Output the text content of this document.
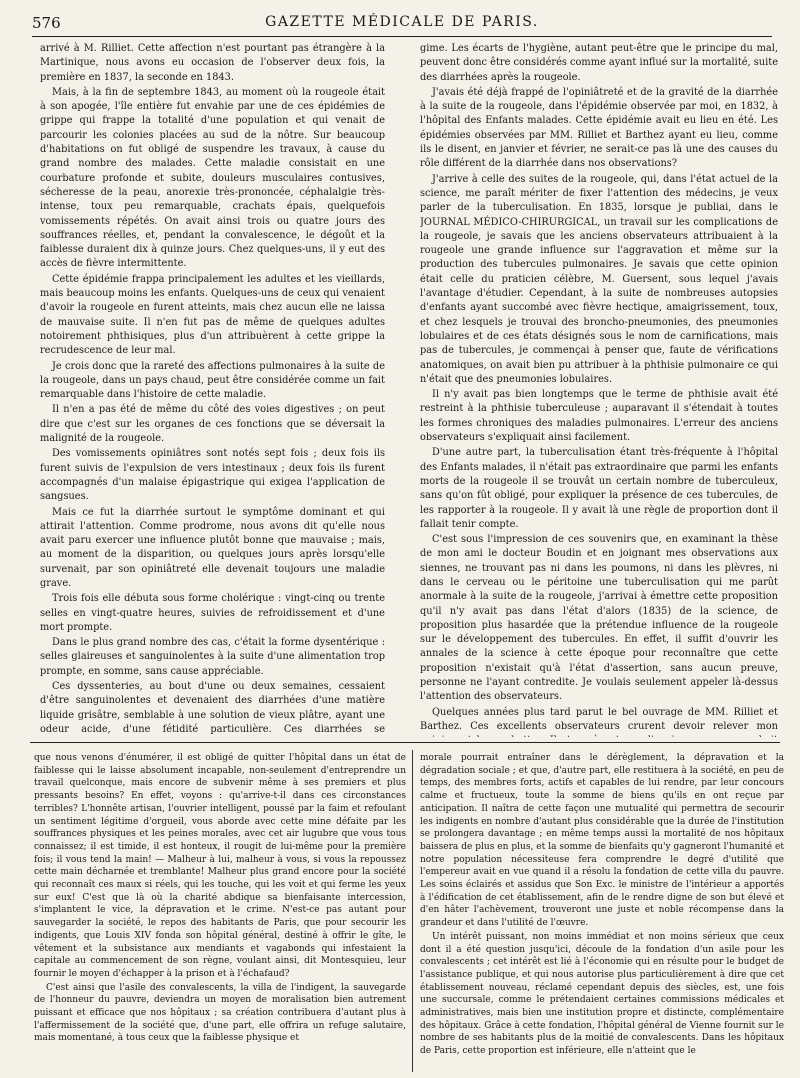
576	GAZETTE MÉDICALE DE PARIS.

arrivé à M. Rilliet. Cette affection n'est pourtant pas étrangère à la Martinique, nous avons eu occasion de l'observer deux fois, la première en 1837, la seconde en 1843.

Mais, à la fin de septembre 1843, au moment où la rougeole était à son apogée, l'île entière fut envahie par une de ces épidémies de grippe qui frappe la totalité d'une population et qui venait de parcourir les colonies placées au sud de la nôtre. Sur beaucoup d'habitations on fut obligé de suspendre les travaux, à cause du grand nombre des malades. Cette maladie consistait en une courbature profonde et subite, douleurs musculaires contusives, sécheresse de la peau, anorexie très-prononcée, céphalalgie très-intense, toux peu remarquable, crachats épais, quelquefois vomissements répétés. On avait ainsi trois ou quatre jours des souffrances réelles, et, pendant la convalescence, le dégoût et la faiblesse duraient dix à quinze jours. Chez quelques-uns, il y eut des accès de fièvre intermittente.

Cette épidémie frappa principalement les adultes et les vieillards, mais beaucoup moins les enfants. Quelques-uns de ceux qui venaient d'avoir la rougeole en furent atteints, mais chez aucun elle ne laissa de mauvaise suite. Il n'en fut pas de même de quelques adultes notoirement phthisiques, plus d'un attribuèrent à cette grippe la recrudescence de leur mal.

Je crois donc que la rareté des affections pulmonaires à la suite de la rougeole, dans un pays chaud, peut être considérée comme un fait remarquable dans l'histoire de cette maladie.

Il n'en a pas été de même du côté des voies digestives ; on peut dire que c'est sur les organes de ces fonctions que se déversait la malignité de la rougeole.

Des vomissements opiniâtres sont notés sept fois ; deux fois ils furent suivis de l'expulsion de vers intestinaux ; deux fois ils furent accompagnés d'un malaise épigastrique qui exigea l'application de sangsues.

Mais ce fut la diarrhée surtout le symptôme dominant et qui attirait l'attention. Comme prodrome, nous avons dit qu'elle nous avait paru exercer une influence plutôt bonne que mauvaise ; mais, au moment de la disparition, ou quelques jours après lorsqu'elle survenait, par son opiniâtreté elle devenait toujours une maladie grave.

Trois fois elle débuta sous forme cholérique : vingt-cinq ou trente selles en vingt-quatre heures, suivies de refroidissement et d'une mort prompte.

Dans le plus grand nombre des cas, c'était la forme dysentérique : selles glaireuses et sanguinolentes à la suite d'une alimentation trop prompte, en somme, sans cause appréciable.

Ces dyssenteries, au bout d'une ou deux semaines, cessaient d'être sanguinolentes et devenaient des diarrhées d'une matière liquide grisâtre, semblable à une solution de vieux plâtre, ayant une odeur acide, d'une fétidité particulière. Ces diarrhées se

gime. Les écarts de l'hygiène, autant peut-être que le principe du mal, peuvent donc être considérés comme ayant influé sur la mortalité, suite des diarrhées après la rougeole.

J'avais été déjà frappé de l'opiniâtreté et de la gravité de la diarrhée à la suite de la rougeole, dans l'épidémie observée par moi, en 1832, à l'hôpital des Enfants malades. Cette épidémie avait eu lieu en été. Les épidémies observées par MM. Rilliet et Barthez ayant eu lieu, comme ils le disent, en janvier et février, ne serait-ce pas là une des causes du rôle différent de la diarrhée dans nos observations?

J'arrive à celle des suites de la rougeole, qui, dans l'état actuel de la science, me paraît mériter de fixer l'attention des médecins, je veux parler de la tuberculisation. En 1835, lorsque je publiai, dans le JOURNAL MÉDICO-CHIRURGICAL, un travail sur les complications de la rougeole, je savais que les anciens observateurs attribuaient à la rougeole une grande influence sur l'aggravation et même sur la production des tubercules pulmonaires. Je savais que cette opinion était celle du praticien célèbre, M. Guersent, sous lequel j'avais l'avantage d'étudier. Cependant, à la suite de nombreuses autopsies d'enfants ayant succombé avec fièvre hectique, amaigrissement, toux, et chez lesquels je trouvai des broncho-pneumonies, des pneumonies lobulaires et de ces états désignés sous le nom de carnifications, mais pas de tubercules, je commençai à penser que, faute de vérifications anatomiques, on avait bien pu attribuer à la phthisie pulmonaire ce qui n'était que des pneumonies lobulaires.

Il n'y avait pas bien longtemps que le terme de phthisie avait été restreint à la phthisie tuberculeuse ; auparavant il s'étendait à toutes les formes chroniques des maladies pulmonaires. L'erreur des anciens observateurs s'expliquait ainsi facilement.

D'une autre part, la tuberculisation étant très-fréquente à l'hôpital des Enfants malades, il n'était pas extraordinaire que parmi les enfants morts de la rougeole il se trouvât un certain nombre de tuberculeux, sans qu'on fût obligé, pour expliquer la présence de ces tubercules, de les rapporter à la rougeole. Il y avait là une règle de proportion dont il fallait tenir compte.

C'est sous l'impression de ces souvenirs que, en examinant la thèse de mon ami le docteur Boudin et en joignant mes observations aux siennes, ne trouvant pas ni dans les poumons, ni dans les plèvres, ni dans le cerveau ou le péritoine une tuberculisation qui me parût anormale à la suite de la rougeole, j'arrivai à émettre cette proposition qu'il n'y avait pas dans l'état d'alors (1835) de la science, de proposition plus hasardée que la prétendue influence de la rougeole sur le développement des tubercules. En effet, il suffit d'ouvrir les annales de la science à cette époque pour reconnaître que cette proposition n'existait qu'à l'état d'assertion, sans aucun preuve, personne ne l'ayant contredite. Je voulais seulement appeler là-dessus l'attention des observateurs.

Quelques années plus tard parut le bel ouvrage de MM. Rilliet et Barthez. Ces excellents observateurs crurent devoir relever mon

que nous venons d'énumérer, il est obligé de quitter l'hôpital dans un état de faiblesse qui le laisse absolument incapable, non-seulement d'entreprendre un travail quelconque, mais encore de subvenir même à ses premiers et plus pressants besoins? En effet, voyons : qu'arrive-t-il dans ces circonstances terribles? L'honnête artisan, l'ouvrier intelligent, poussé par la faim et refoulant un sentiment légitime d'orgueil, vous aborde avec cette mine défaite par les souffrances physiques et les peines morales, avec cet air lugubre que vous tous connaissez; il est timide, il est honteux, il rougit de lui-même pour la première fois; il vous tend la main! — Malheur à lui, malheur à vous, si vous la repoussez cette main décharnée et tremblante! Malheur plus grand encore pour la société qui reconnaît ces maux si réels, qui les touche, qui les voit et qui ferme les yeux sur eux! C'est que là où la charité abdique sa bienfaisante intercession, s'implantent le vice, la dépravation et le crime. N'est-ce pas autant pour sauvegarder la société, le repos des habitants de Paris, que pour secourir les indigents, que Louis XIV fonda son hôpital général, destiné à offrir le gîte, le vêtement et la subsistance aux mendiants et vagabonds qui infestaient la capitale au commencement de son règne, voulant ainsi, dit Montesquieu, leur fournir le moyen d'échapper à la prison et à l'échafaud?

C'est ainsi que l'asile des convalescents, la villa de l'indigent, la sauvegarde de l'honneur du pauvre, deviendra un moyen de moralisation bien autrement puissant et efficace que nos hôpitaux ; sa création contribuera d'autant plus à l'affermissement de la société que, d'une part, elle offrira un refuge salutaire, mais momentané, à tous ceux que la faiblesse physique et

morale pourrait entraîner dans le dérèglement, la dépravation et la dégradation sociale ; et que, d'autre part, elle restituera à la société, en peu de temps, des membres forts, actifs et capables de lui rendre, par leur concours calme et fructueux, toute la somme de biens qu'ils en ont reçue par anticipation. Il naîtra de cette façon une mutualité qui permettra de secourir les indigents en nombre d'autant plus considérable que la durée de l'institution se prolongera davantage ; en même temps aussi la mortalité de nos hôpitaux baissera de plus en plus, et la somme de bienfaits qu'y gagneront l'humanité et notre population nécessiteuse fera comprendre le degré d'utilité que l'empereur avait en vue quand il a résolu la fondation de cette villa du pauvre. Les soins éclairés et assidus que Son Exc. le ministre de l'intérieur a apportés à l'édification de cet établissement, afin de le rendre digne de son but élevé et d'en hâter l'achèvement, trouveront une juste et noble récompense dans la grandeur et dans l'utilité de l'œuvre.

Un intérêt puissant, non moins immédiat et non moins sérieux que ceux dont il a été question jusqu'ici, découle de la fondation d'un asile pour les convalescents ; cet intérêt est lié à l'économie qui en résulte pour le budget de l'assistance publique, et qui nous autorise plus particulièrement à dire que cet établissement nouveau, réclamé cependant depuis des siècles, est, une fois une succursale, comme le prétendaient certaines commissions médicales et administratives, mais bien une institution propre et distincte, complémentaire des hôpitaux. Grâce à cette fondation, l'hôpital général de Vienne fournit sur le nombre de ses habitants plus de la moitié de convalescents. Dans les hôpitaux de Paris, cette proportion est inférieure, elle n'atteint que le
